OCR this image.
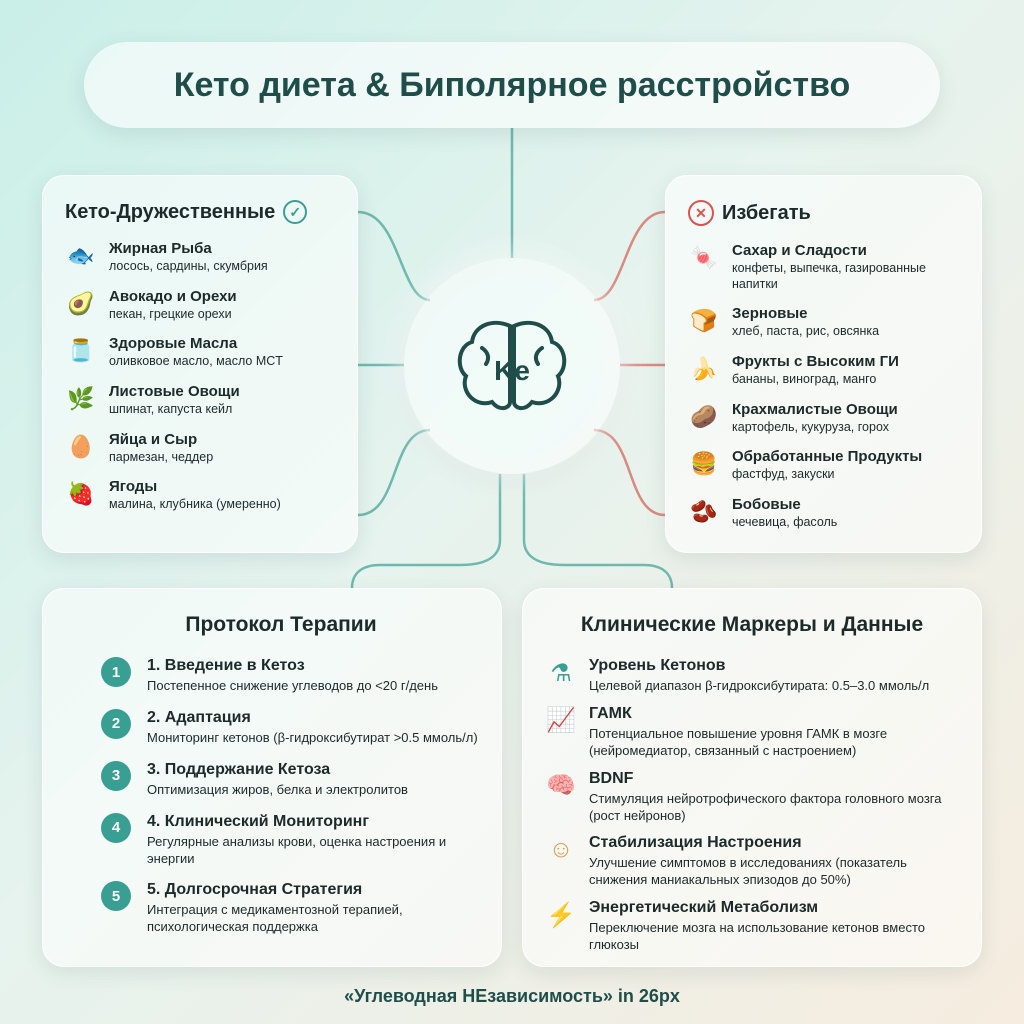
Кето диета & Биполярное расстройство
Ke
Кето-Дружественные	✓
🐟 Жирная Рыба
лосось, сардины, скумбрия
🥑 Авокадо и Орехи
пекан, грецкие орехи
🫙 Здоровые Масла
оливковое масло, масло MCT
🌿 Листовые Овощи
шпинат, капуста кейл
🥚 Яйца и Сыр
пармезан, чеддер
🍓 Ягоды
малина, клубника (умеренно)
✕ Избегать
🍬 Сахар и Сладости
конфеты, выпечка, газированные напитки
🍞 Зерновые
хлеб, паста, рис, овсянка
🍌 Фрукты с Высоким ГИ
бананы, виноград, манго
🥔 Крахмалистые Овощи
картофель, кукуруза, горох
🍔 Обработанные Продукты
фастфуд, закуски
🫘 Бобовые
чечевица, фасоль
Протокол Терапии
1	1. Введение в Кетоз
Постепенное снижение углеводов до <20 г/день
2	2. Адаптация
Мониторинг кетонов (β-гидроксибутират >0.5 ммоль/л)
3	3. Поддержание Кетоза
Оптимизация жиров, белка и электролитов
4	4. Клинический Мониторинг
Регулярные анализы крови, оценка настроения и энергии
5	5. Долгосрочная Стратегия
Интеграция с медикаментозной терапией, психологическая поддержка
Клинические Маркеры и Данные
⚗	Уровень Кетонов
Целевой диапазон β-гидроксибутирата: 0.5–3.0 ммоль/л
📈 ГАМК
Потенциальное повышение уровня ГАМК в мозге (нейромедиатор, связанный с настроением)
🧠 BDNF
Стимуляция нейротрофического фактора головного мозга (рост нейронов)
☺ Стабилизация Настроения
Улучшение симптомов в исследованиях (показатель снижения маниакальных эпизодов до 50%)
⚡ Энергетический Метаболизм
Переключение мозга на использование кетонов вместо глюкозы
«Углеводная НЕзависимость» in 26px
